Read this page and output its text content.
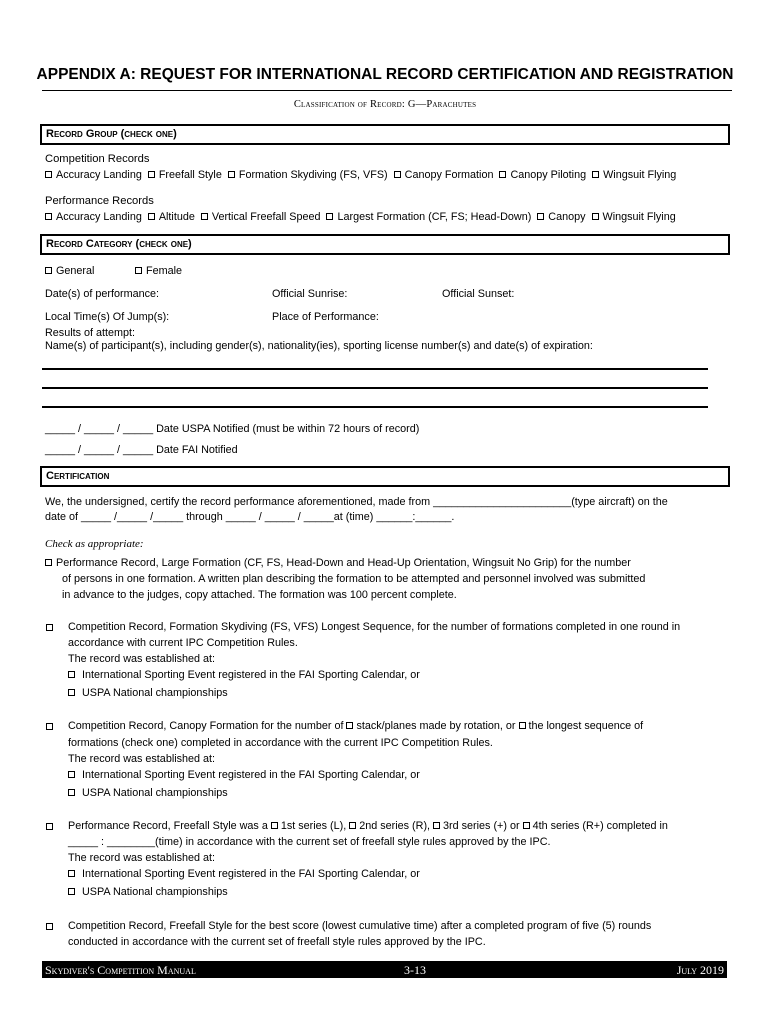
APPENDIX A: REQUEST FOR INTERNATIONAL RECORD CERTIFICATION AND REGISTRATION
Classification of Record: G—Parachutes
Record Group (check one)
Competition Records
Accuracy Landing Freefall Style Formation Skydiving (FS, VFS) Canopy Formation Canopy Piloting Wingsuit Flying
Performance Records
Accuracy Landing Altitude Vertical Freefall Speed Largest Formation (CF, FS; Head-Down) Canopy Wingsuit Flying
Record Category (check one)
General	Female
Date(s) of performance:	Official Sunrise:	Official Sunset:
Local Time(s) Of Jump(s):	Place of Performance:
Results of attempt:
Name(s) of participant(s), including gender(s), nationality(ies), sporting license number(s) and date(s) of expiration:
_____ / _____ / _____ Date USPA Notified (must be within 72 hours of record)
_____ / _____ / _____ Date FAI Notified
Certification
We, the undersigned, certify the record performance aforementioned, made from _______________________(type aircraft) on the
date of _____ /_____ /_____ through _____ / _____ / _____at (time) ______:______.
Check as appropriate:
Performance Record, Large Formation (CF, FS, Head-Down and Head-Up Orientation, Wingsuit No Grip) for the number
of persons in one formation. A written plan describing the formation to be attempted and personnel involved was submitted
in advance to the judges, copy attached. The formation was 100 percent complete.
Competition Record, Formation Skydiving (FS, VFS) Longest Sequence, for the number of formations completed in one round in
accordance with current IPC Competition Rules.
The record was established at:
International Sporting Event registered in the FAI Sporting Calendar, or
USPA National championships
Competition Record, Canopy Formation for the number of stack/planes made by rotation, or the longest sequence of
formations (check one) completed in accordance with the current IPC Competition Rules.
The record was established at:
International Sporting Event registered in the FAI Sporting Calendar, or
USPA National championships
Performance Record, Freefall Style was a 1st series (L), 2nd series (R), 3rd series (+) or 4th series (R+) completed in
_____ : ________(time) in accordance with the current set of freefall style rules approved by the IPC.
The record was established at:
International Sporting Event registered in the FAI Sporting Calendar, or
USPA National championships
Competition Record, Freefall Style for the best score (lowest cumulative time) after a completed program of five (5) rounds
conducted in accordance with the current set of freefall style rules approved by the IPC.
Skydiver's Competition Manual	3-13	July 2019
